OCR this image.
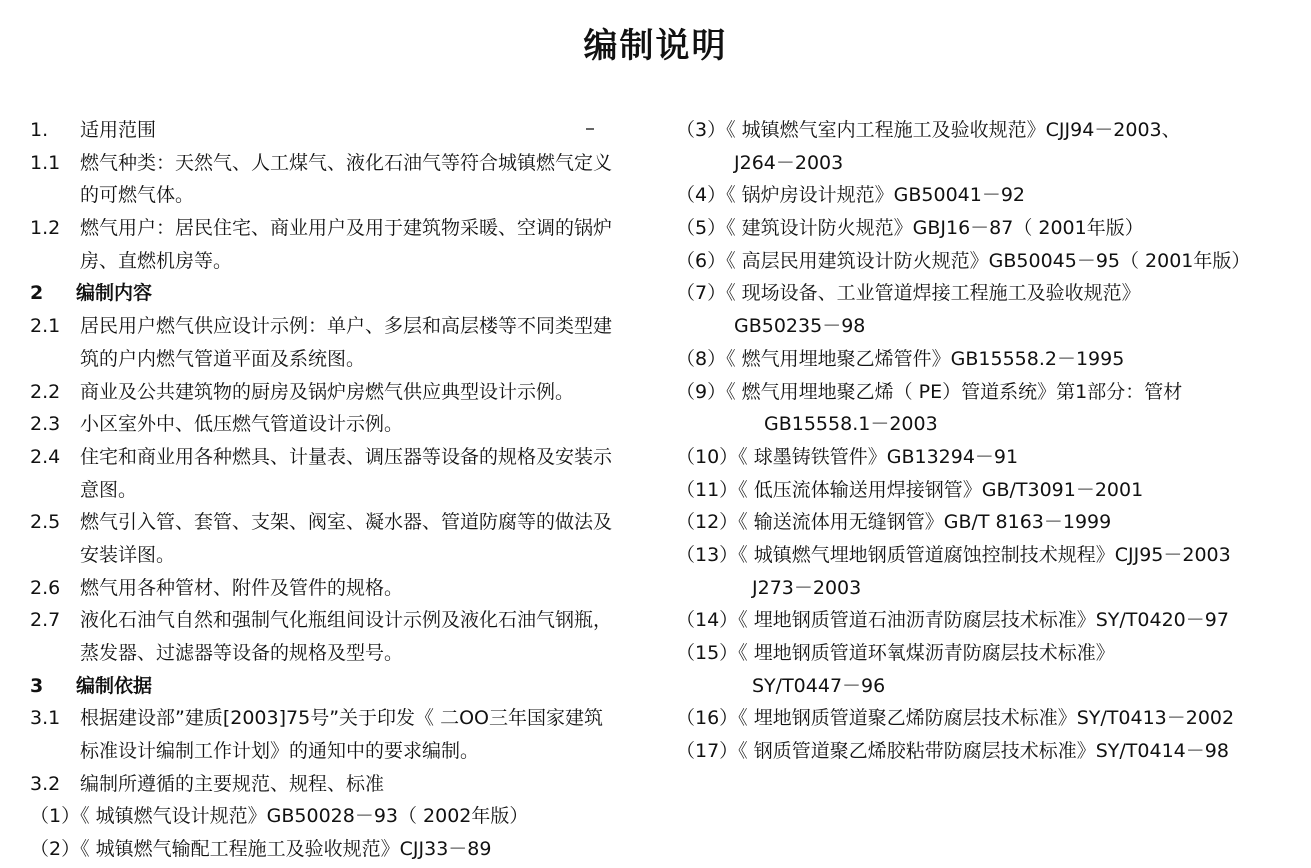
编制说明
1. 适用范围
1.1 燃气种类：天然气、人工煤气、液化石油气等符合城镇燃气定义
的可燃气体。
1.2 燃气用户：居民住宅、商业用户及用于建筑物采暖、空调的锅炉
房、直燃机房等。
2 编制内容
2.1 居民用户燃气供应设计示例：单户、多层和高层楼等不同类型建
筑的户内燃气管道平面及系统图。
2.2 商业及公共建筑物的厨房及锅炉房燃气供应典型设计示例。
2.3 小区室外中、低压燃气管道设计示例。
2.4 住宅和商业用各种燃具、计量表、调压器等设备的规格及安装示
意图。
2.5 燃气引入管、套管、支架、阀室、凝水器、管道防腐等的做法及
安装详图。
2.6 燃气用各种管材、附件及管件的规格。
2.7 液化石油气自然和强制气化瓶组间设计示例及液化石油气钢瓶，
蒸发器、过滤器等设备的规格及型号。
3 编制依据
3.1 根据建设部”建质[2003]75号”关于印发《 二OO三年国家建筑
标准设计编制工作计划》的通知中的要求编制。
3.2 编制所遵循的主要规范、规程、标准
（1）《 城镇燃气设计规范》GB50028－93（ 2002年版）
（2）《 城镇燃气输配工程施工及验收规范》CJJ33－89
（3）《 城镇燃气室内工程施工及验收规范》CJJ94－2003、
J264－2003
（4）《 锅炉房设计规范》GB50041－92
（5）《 建筑设计防火规范》GBJ16－87（ 2001年版）
（6）《 高层民用建筑设计防火规范》GB50045－95（ 2001年版）
（7）《 现场设备、工业管道焊接工程施工及验收规范》
GB50235－98
（8）《 燃气用埋地聚乙烯管件》GB15558.2－1995
（9）《 燃气用埋地聚乙烯（ PE）管道系统》第1部分：管材
GB15558.1－2003
（10）《 球墨铸铁管件》GB13294－91
（11）《 低压流体输送用焊接钢管》GB/T3091－2001
（12）《 输送流体用无缝钢管》GB/T 8163－1999
（13）《 城镇燃气埋地钢质管道腐蚀控制技术规程》CJJ95－2003
J273－2003
（14）《 埋地钢质管道石油沥青防腐层技术标准》SY/T0420－97
（15）《 埋地钢质管道环氧煤沥青防腐层技术标准》
SY/T0447－96
（16）《 埋地钢质管道聚乙烯防腐层技术标准》SY/T0413－2002
（17）《 钢质管道聚乙烯胶粘带防腐层技术标准》SY/T0414－98
